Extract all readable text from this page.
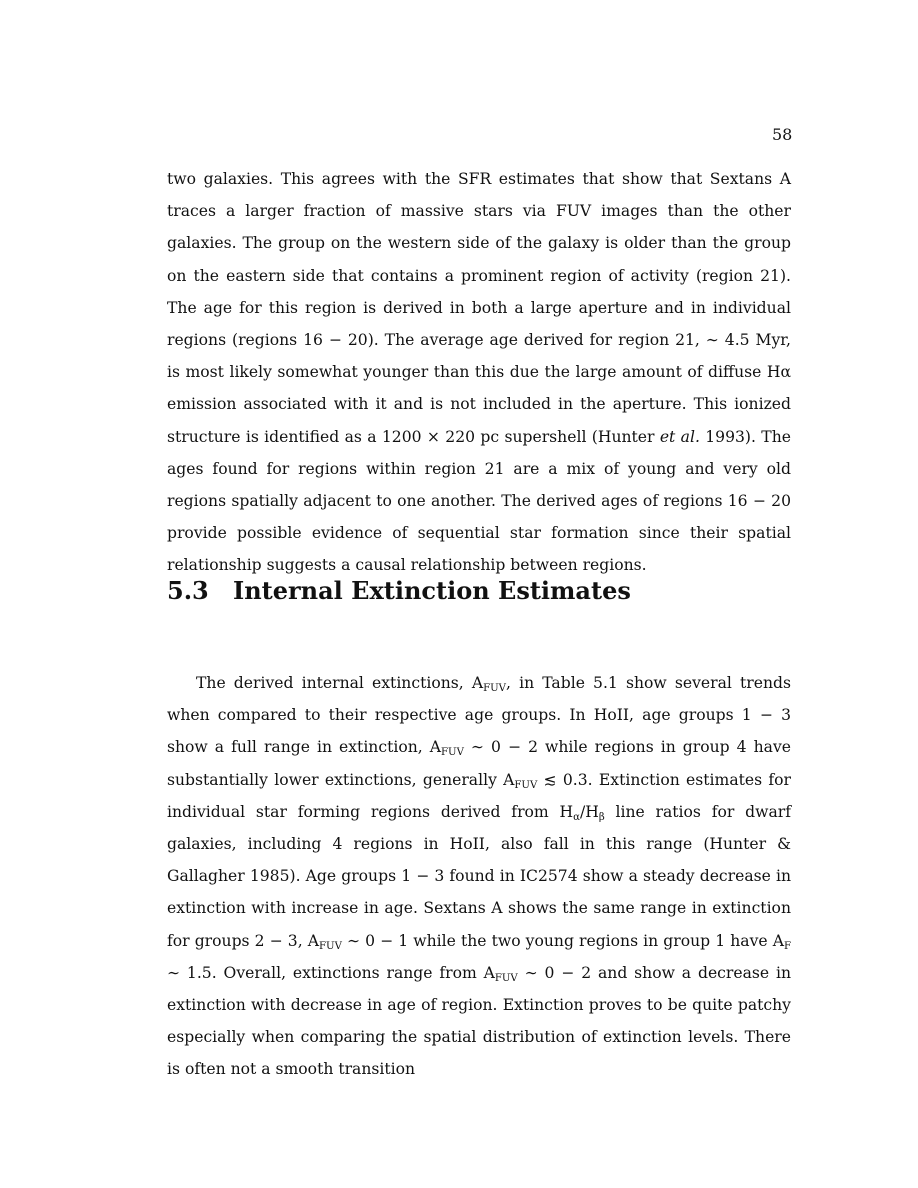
58

two galaxies. This agrees with the SFR estimates that show that Sextans A traces a larger fraction of massive stars via FUV images than the other galaxies. The group on the western side of the galaxy is older than the group on the eastern side that contains a prominent region of activity (region 21). The age for this region is derived in both a large aperture and in individual regions (regions 16 − 20). The average age derived for region 21, ∼ 4.5 Myr, is most likely somewhat younger than this due the large amount of diffuse Hα emission associated with it and is not included in the aperture. This ionized structure is identified as a 1200 × 220 pc supershell (Hunter et al. 1993). The ages found for regions within region 21 are a mix of young and very old regions spatially adjacent to one another. The derived ages of regions 16 − 20 provide possible evidence of sequential star formation since their spatial relationship suggests a causal relationship between regions.

5.3 Internal Extinction Estimates

The derived internal extinctions, $A_{FUV}$, in Table 5.1 show several trends when compared to their respective age groups. In HoII, age groups 1 − 3 show a full range in extinction, $A_{FUV}$ ∼ 0 − 2 while regions in group 4 have substantially lower extinctions, generally $A_{FUV}$ ≲ 0.3. Extinction estimates for individual star forming regions derived from $H_\alpha/H_\beta$ line ratios for dwarf galaxies, including 4 regions in HoII, also fall in this range (Hunter & Gallagher 1985). Age groups 1 − 3 found in IC2574 show a steady decrease in extinction with increase in age. Sextans A shows the same range in extinction for groups 2 − 3, $A_{FUV}$ ∼ 0 − 1 while the two young regions in group 1 have $A_F$ ∼ 1.5. Overall, extinctions range from $A_{FUV}$ ∼ 0 − 2 and show a decrease in extinction with decrease in age of region. Extinction proves to be quite patchy especially when comparing the spatial distribution of extinction levels. There is often not a smooth transition
